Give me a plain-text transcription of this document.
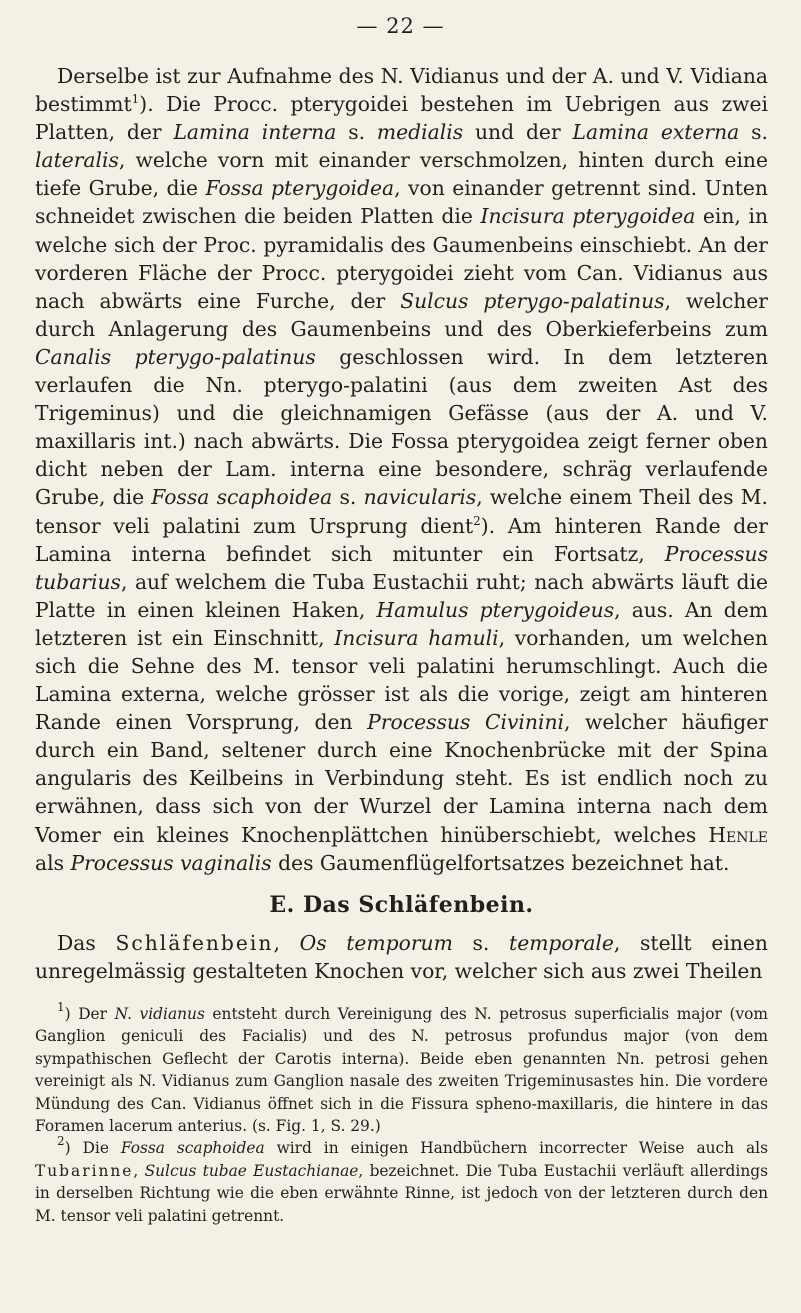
— 22 —

Derselbe ist zur Aufnahme des N. Vidianus und der A. und V. Vidiana bestimmt$^1$). Die Procc. pterygoidei bestehen im Uebrigen aus zwei Platten, der Lamina interna s. medialis und der Lamina externa s. lateralis, welche vorn mit einander verschmolzen, hinten durch eine tiefe Grube, die Fossa pterygoidea, von einander getrennt sind. Unten schneidet zwischen die beiden Platten die Incisura pterygoidea ein, in welche sich der Proc. pyramidalis des Gaumenbeins einschiebt. An der vorderen Fläche der Procc. pterygoidei zieht vom Can. Vidianus aus nach abwärts eine Furche, der Sulcus pterygo-palatinus, welcher durch Anlagerung des Gaumenbeins und des Oberkieferbeins zum Canalis pterygo-palatinus geschlossen wird. In dem letzteren verlaufen die Nn. pterygo-palatini (aus dem zweiten Ast des Trigeminus) und die gleichnamigen Gefässe (aus der A. und V. maxillaris int.) nach abwärts. Die Fossa pterygoidea zeigt ferner oben dicht neben der Lam. interna eine besondere, schräg verlaufende Grube, die Fossa scaphoidea s. navicularis, welche einem Theil des M. tensor veli palatini zum Ursprung dient$^2$). Am hinteren Rande der Lamina interna befindet sich mitunter ein Fortsatz, Processus tubarius, auf welchem die Tuba Eustachii ruht; nach abwärts läuft die Platte in einen kleinen Haken, Hamulus pterygoideus, aus. An dem letzteren ist ein Einschnitt, Incisura hamuli, vorhanden, um welchen sich die Sehne des M. tensor veli palatini herumschlingt. Auch die Lamina externa, welche grösser ist als die vorige, zeigt am hinteren Rande einen Vorsprung, den Processus Civinini, welcher häufiger durch ein Band, seltener durch eine Knochenbrücke mit der Spina angularis des Keilbeins in Verbindung steht. Es ist endlich noch zu erwähnen, dass sich von der Wurzel der Lamina interna nach dem Vomer ein kleines Knochenplättchen hinüberschiebt, welches Henle als Processus vaginalis des Gaumenflügelfortsatzes bezeichnet hat.

E. Das Schläfenbein.

Das Schläfenbein, Os temporum s. temporale, stellt einen unregelmässig gestalteten Knochen vor, welcher sich aus zwei Theilen

$^1$) Der N. vidianus entsteht durch Vereinigung des N. petrosus superficialis major (vom Ganglion geniculi des Facialis) und des N. petrosus profundus major (von dem sympathischen Geflecht der Carotis interna). Beide eben genannten Nn. petrosi gehen vereinigt als N. Vidianus zum Ganglion nasale des zweiten Trigeminusastes hin. Die vordere Mündung des Can. Vidianus öffnet sich in die Fissura spheno-maxillaris, die hintere in das Foramen lacerum anterius. (s. Fig. 1, S. 29.)

$^2$) Die Fossa scaphoidea wird in einigen Handbüchern incorrecter Weise auch als Tubarinne, Sulcus tubae Eustachianae, bezeichnet. Die Tuba Eustachii verläuft allerdings in derselben Richtung wie die eben erwähnte Rinne, ist jedoch von der letzteren durch den M. tensor veli palatini getrennt.
